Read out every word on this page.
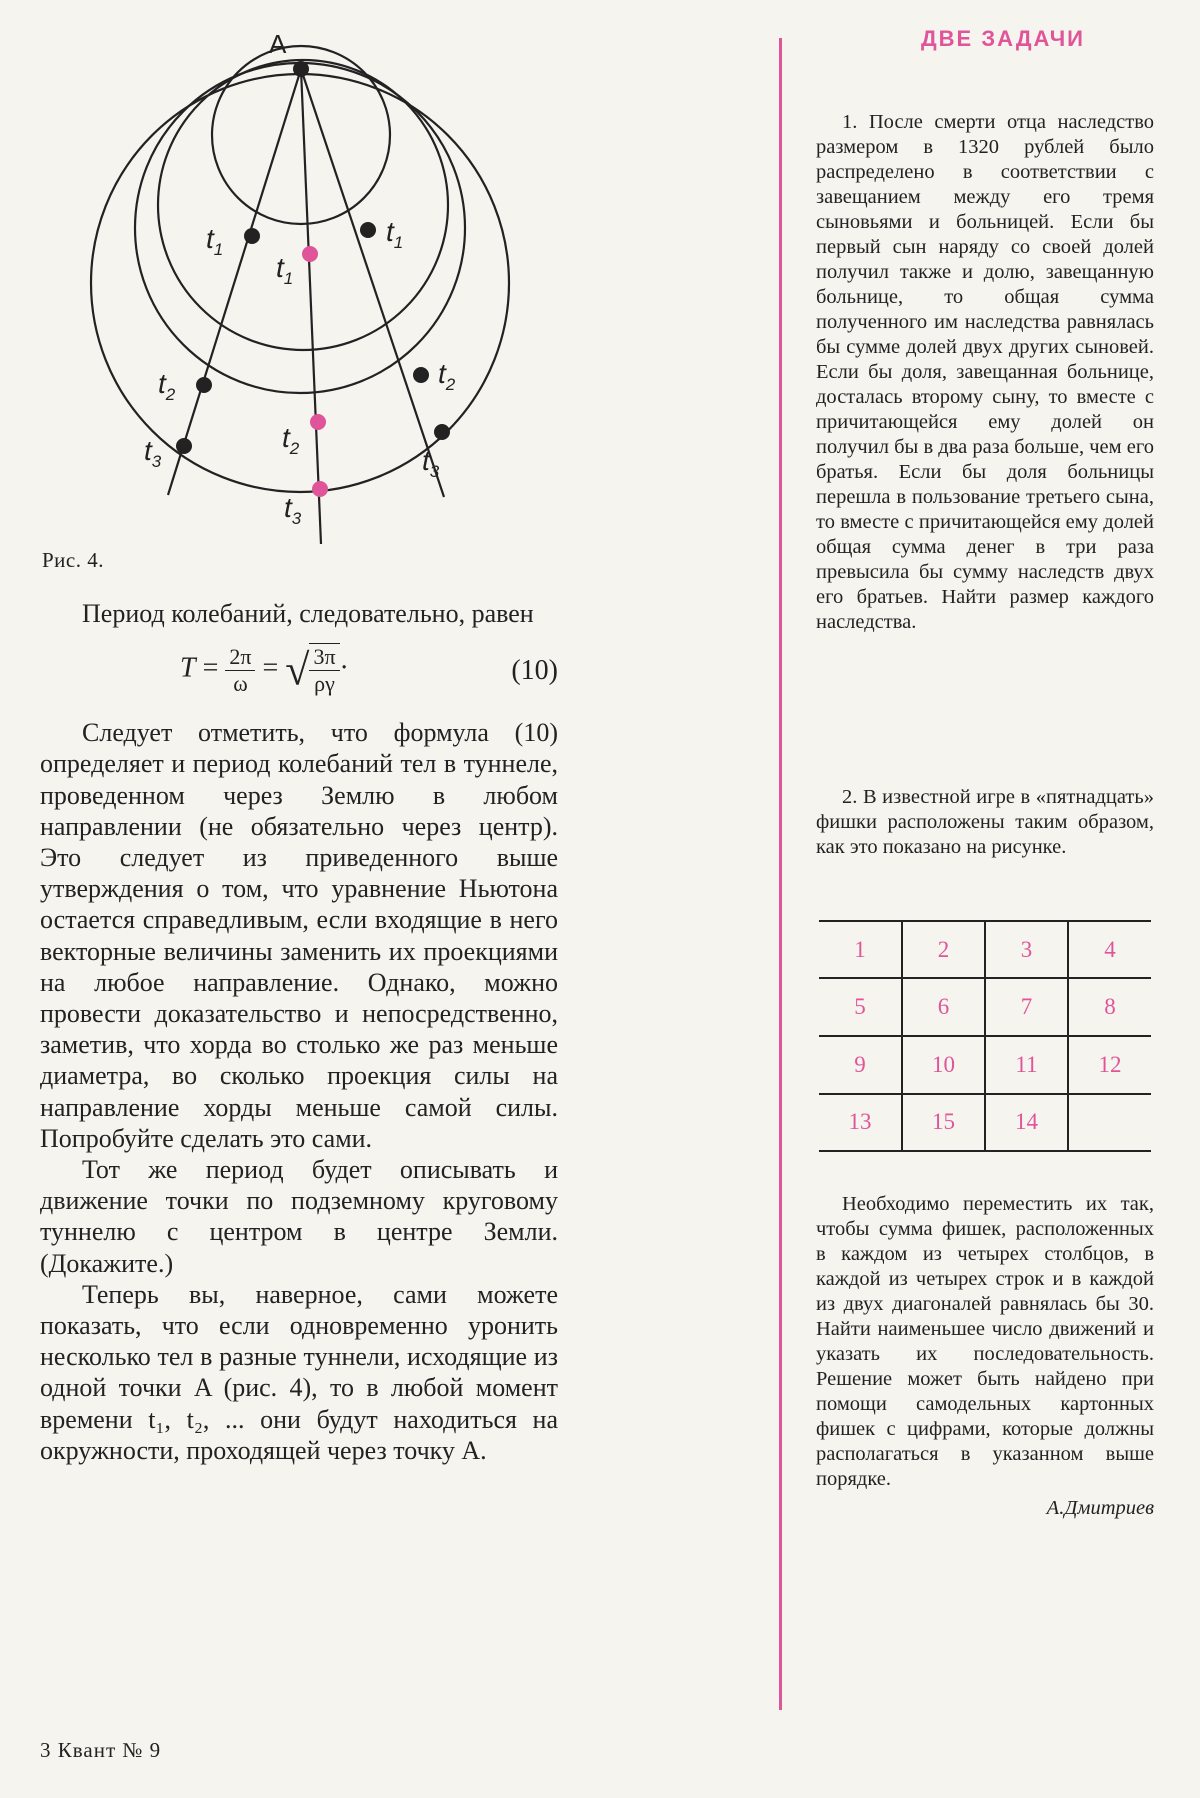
A
$t_1$
$t_1$
$t_1$
$t_2$
$t_2$
$t_2$
$t_3$	$t_3$
$t_3$
Рис. 4.

Период колебаний, следовательно, равен

$T = \frac{2\pi}{\omega}$ = √ $\frac{3\pi}{\rho\gamma}$ ·	(10)

Следует отметить, что формула (10) определяет и период колебаний тел в туннеле, проведенном через Землю в любом направлении (не обязательно через центр). Это следует из приведенного выше утверждения о том, что уравнение Ньютона остается справедливым, если входящие в него векторные величины заменить их проекциями на любое направление. Однако, можно провести доказательство и непосредственно, заметив, что хорда во столько же раз меньше диаметра, во сколько проекция силы на направление хорды меньше самой силы. Попробуйте сделать это сами.

Тот же период будет описывать и движение точки по подземному круговому туннелю с центром в центре Земли. (Докажите.)

Теперь вы, наверное, сами можете показать, что если одновременно уронить несколько тел в разные туннели, исходящие из одной точки A (рис. 4), то в любой момент времени t₁, t₂, ... они будут находиться на окружности, проходящей через точку A.

3 Квант № 9
ДВЕ ЗАДАЧИ

1. После смерти отца наследство размером в 1320 рублей было распределено в соответствии с завещанием между его тремя сыновьями и больницей. Если бы первый сын наряду со своей долей получил также и долю, завещанную больнице, то общая сумма полученного им наследства равнялась бы сумме долей двух других сыновей. Если бы доля, завещанная больнице, досталась второму сыну, то вместе с причитающейся ему долей он получил бы в два раза больше, чем его братья. Если бы доля больницы перешла в пользование третьего сына, то вместе с причитающейся ему долей общая сумма денег в три раза превысила бы сумму наследств двух его братьев. Найти размер каждого наследства.

2. В известной игре в «пятнадцать» фишки расположены таким образом, как это показано на рисунке.

1	2	3	4
5	6	7	8
9	10	11	12
13	15	14	

Необходимо переместить их так, чтобы сумма фишек, расположенных в каждом из четырех столбцов, в каждой из четырех строк и в каждой из двух диагоналей равнялась бы 30. Найти наименьшее число движений и указать их последовательность. Решение может быть найдено при помощи самодельных картонных фишек с цифрами, которые должны располагаться в указанном выше порядке.

А.Дмитриев
